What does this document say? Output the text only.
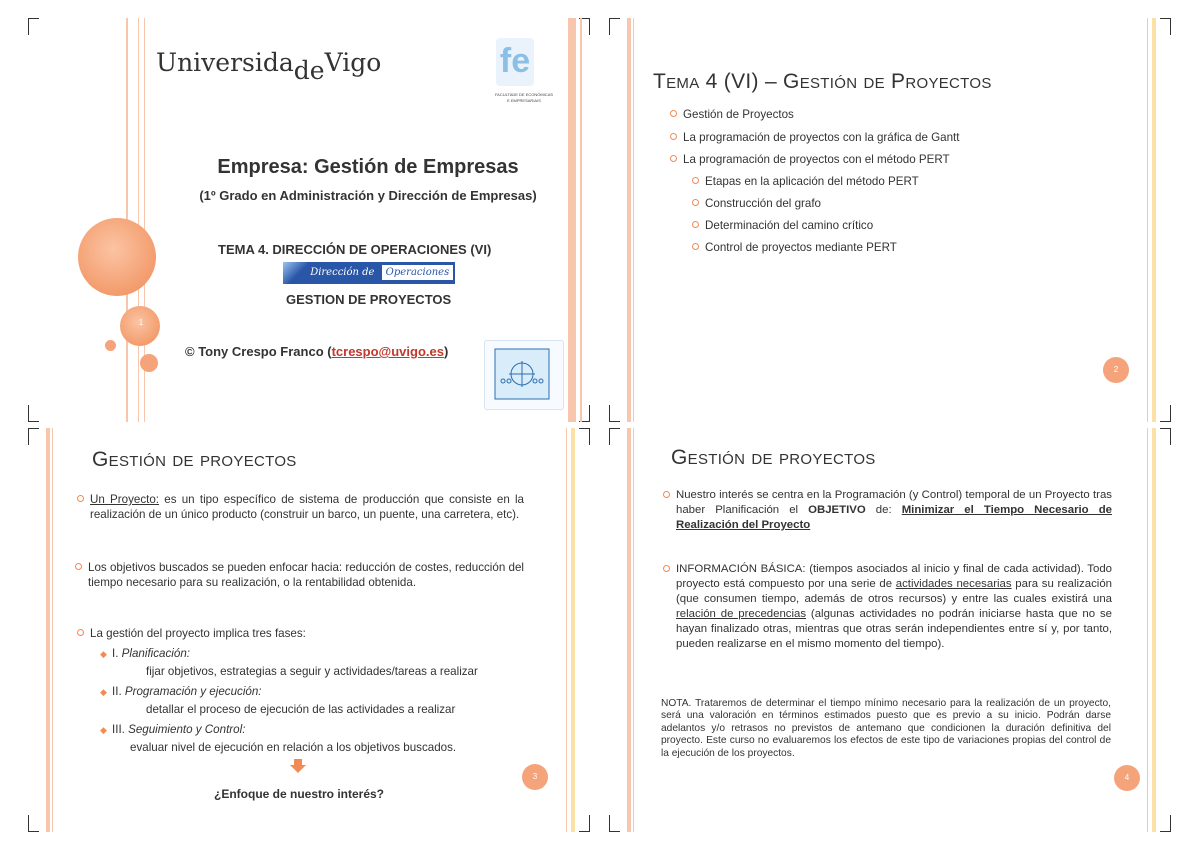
1
UniversidadeVigo	fe
FACULTADE DE ECONÓMICAS
E EMPRESARIAIS
Empresa: Gestión de Empresas
(1º Grado en Administración y Dirección de Empresas)
TEMA 4. DIRECCIÓN DE OPERACIONES (VI)
Dirección de Operaciones
GESTION DE PROYECTOS
© Tony Crespo Franco (tcrespo@uvigo.es)
Tema 4 (VI) – Gestión de Proyectos
Gestión de Proyectos
La programación de proyectos con la gráfica de Gantt
La programación de proyectos con el método PERT
Etapas en la aplicación del método PERT
Construcción del grafo
Determinación del camino crítico
Control de proyectos mediante PERT
2
Gestión de proyectos
Un Proyecto: es un tipo específico de sistema de producción que consiste en la realización de un único producto (construir un barco, un puente, una carretera, etc).
Los objetivos buscados se pueden enfocar hacia: reducción de costes, reducción del tiempo necesario para su realización, o la rentabilidad obtenida.
La gestión del proyecto implica tres fases:
◆ I. Planificación:
fijar objetivos, estrategias a seguir y actividades/tareas a realizar
◆ II. Programación y ejecución:
detallar el proceso de ejecución de las actividades a realizar
◆ III. Seguimiento y Control:
evaluar nivel de ejecución en relación a los objetivos buscados.
¿Enfoque de nuestro interés?
3
Gestión de proyectos
Nuestro interés se centra en la Programación (y Control) temporal de un Proyecto tras haber Planificación el OBJETIVO de: Minimizar el Tiempo Necesario de Realización del Proyecto
INFORMACIÓN BÁSICA: (tiempos asociados al inicio y final de cada actividad). Todo proyecto está compuesto por una serie de actividades necesarias para su realización (que consumen tiempo, además de otros recursos) y entre las cuales existirá una relación de precedencias (algunas actividades no podrán iniciarse hasta que no se hayan finalizado otras, mientras que otras serán independientes entre sí y, por tanto, pueden realizarse en el mismo momento del tiempo).
NOTA. Trataremos de determinar el tiempo mínimo necesario para la realización de un proyecto, será una valoración en términos estimados puesto que es previo a su inicio. Podrán darse adelantos y/o retrasos no previstos de antemano que condicionen la duración definitiva del proyecto. Este curso no evaluaremos los efectos de este tipo de variaciones propias del control de la ejecución de los proyectos.
4
